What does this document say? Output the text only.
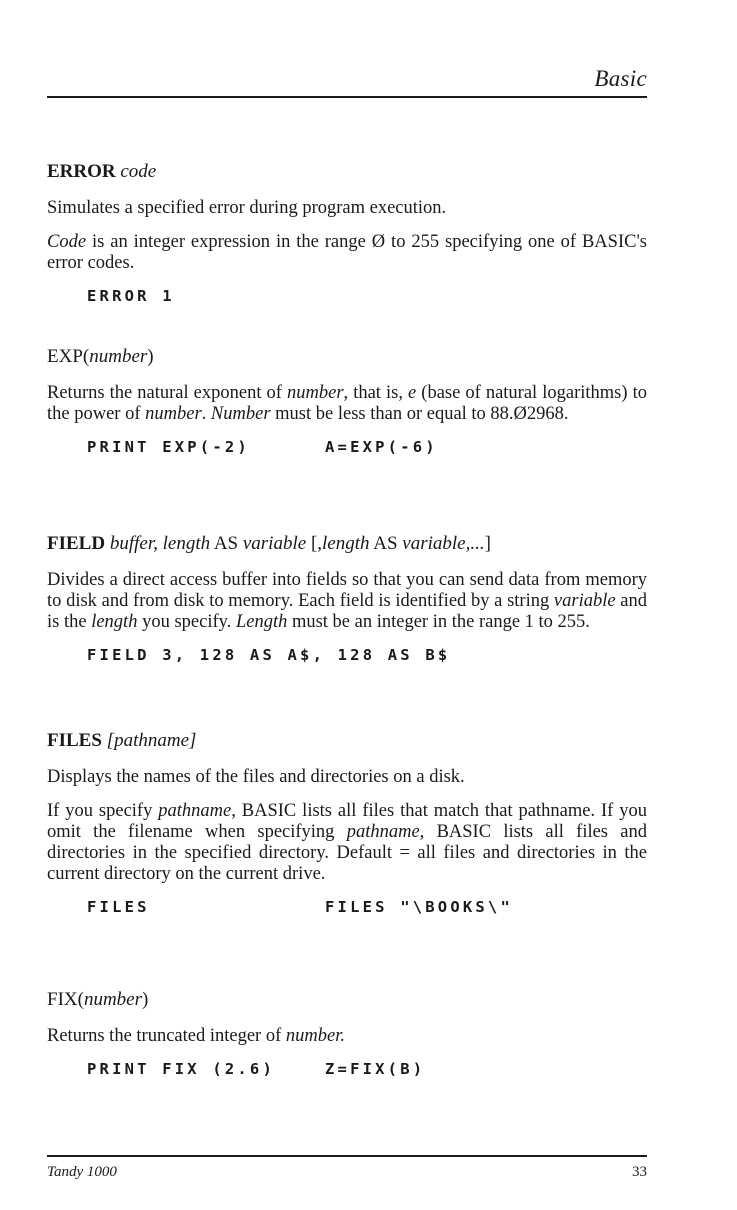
Basic

ERROR code

Simulates a specified error during program execution.

Code is an integer expression in the range Ø to 255 specifying one of BASIC's error codes.

ERROR 1

EXP(number)

Returns the natural exponent of number, that is, e (base of natural logarithms) to the power of number. Number must be less than or equal to 88.Ø2968.

PRINT EXP(-2)	A=EXP(-6)

FIELD buffer, length AS variable [,length AS variable,...]

Divides a direct access buffer into fields so that you can send data from memory to disk and from disk to memory. Each field is identified by a string variable and is the length you specify. Length must be an integer in the range 1 to 255.

FIELD 3, 128 AS A$, 128 AS B$

FILES [pathname]

Displays the names of the files and directories on a disk.

If you specify pathname, BASIC lists all files that match that pathname. If you omit the filename when specifying pathname, BASIC lists all files and directories in the specified directory. Default = all files and directories in the current directory on the current drive.

FILES	FILES "\BOOKS\"

FIX(number)

Returns the truncated integer of number.

PRINT FIX (2.6)	Z=FIX(B)

Tandy 1000	33
